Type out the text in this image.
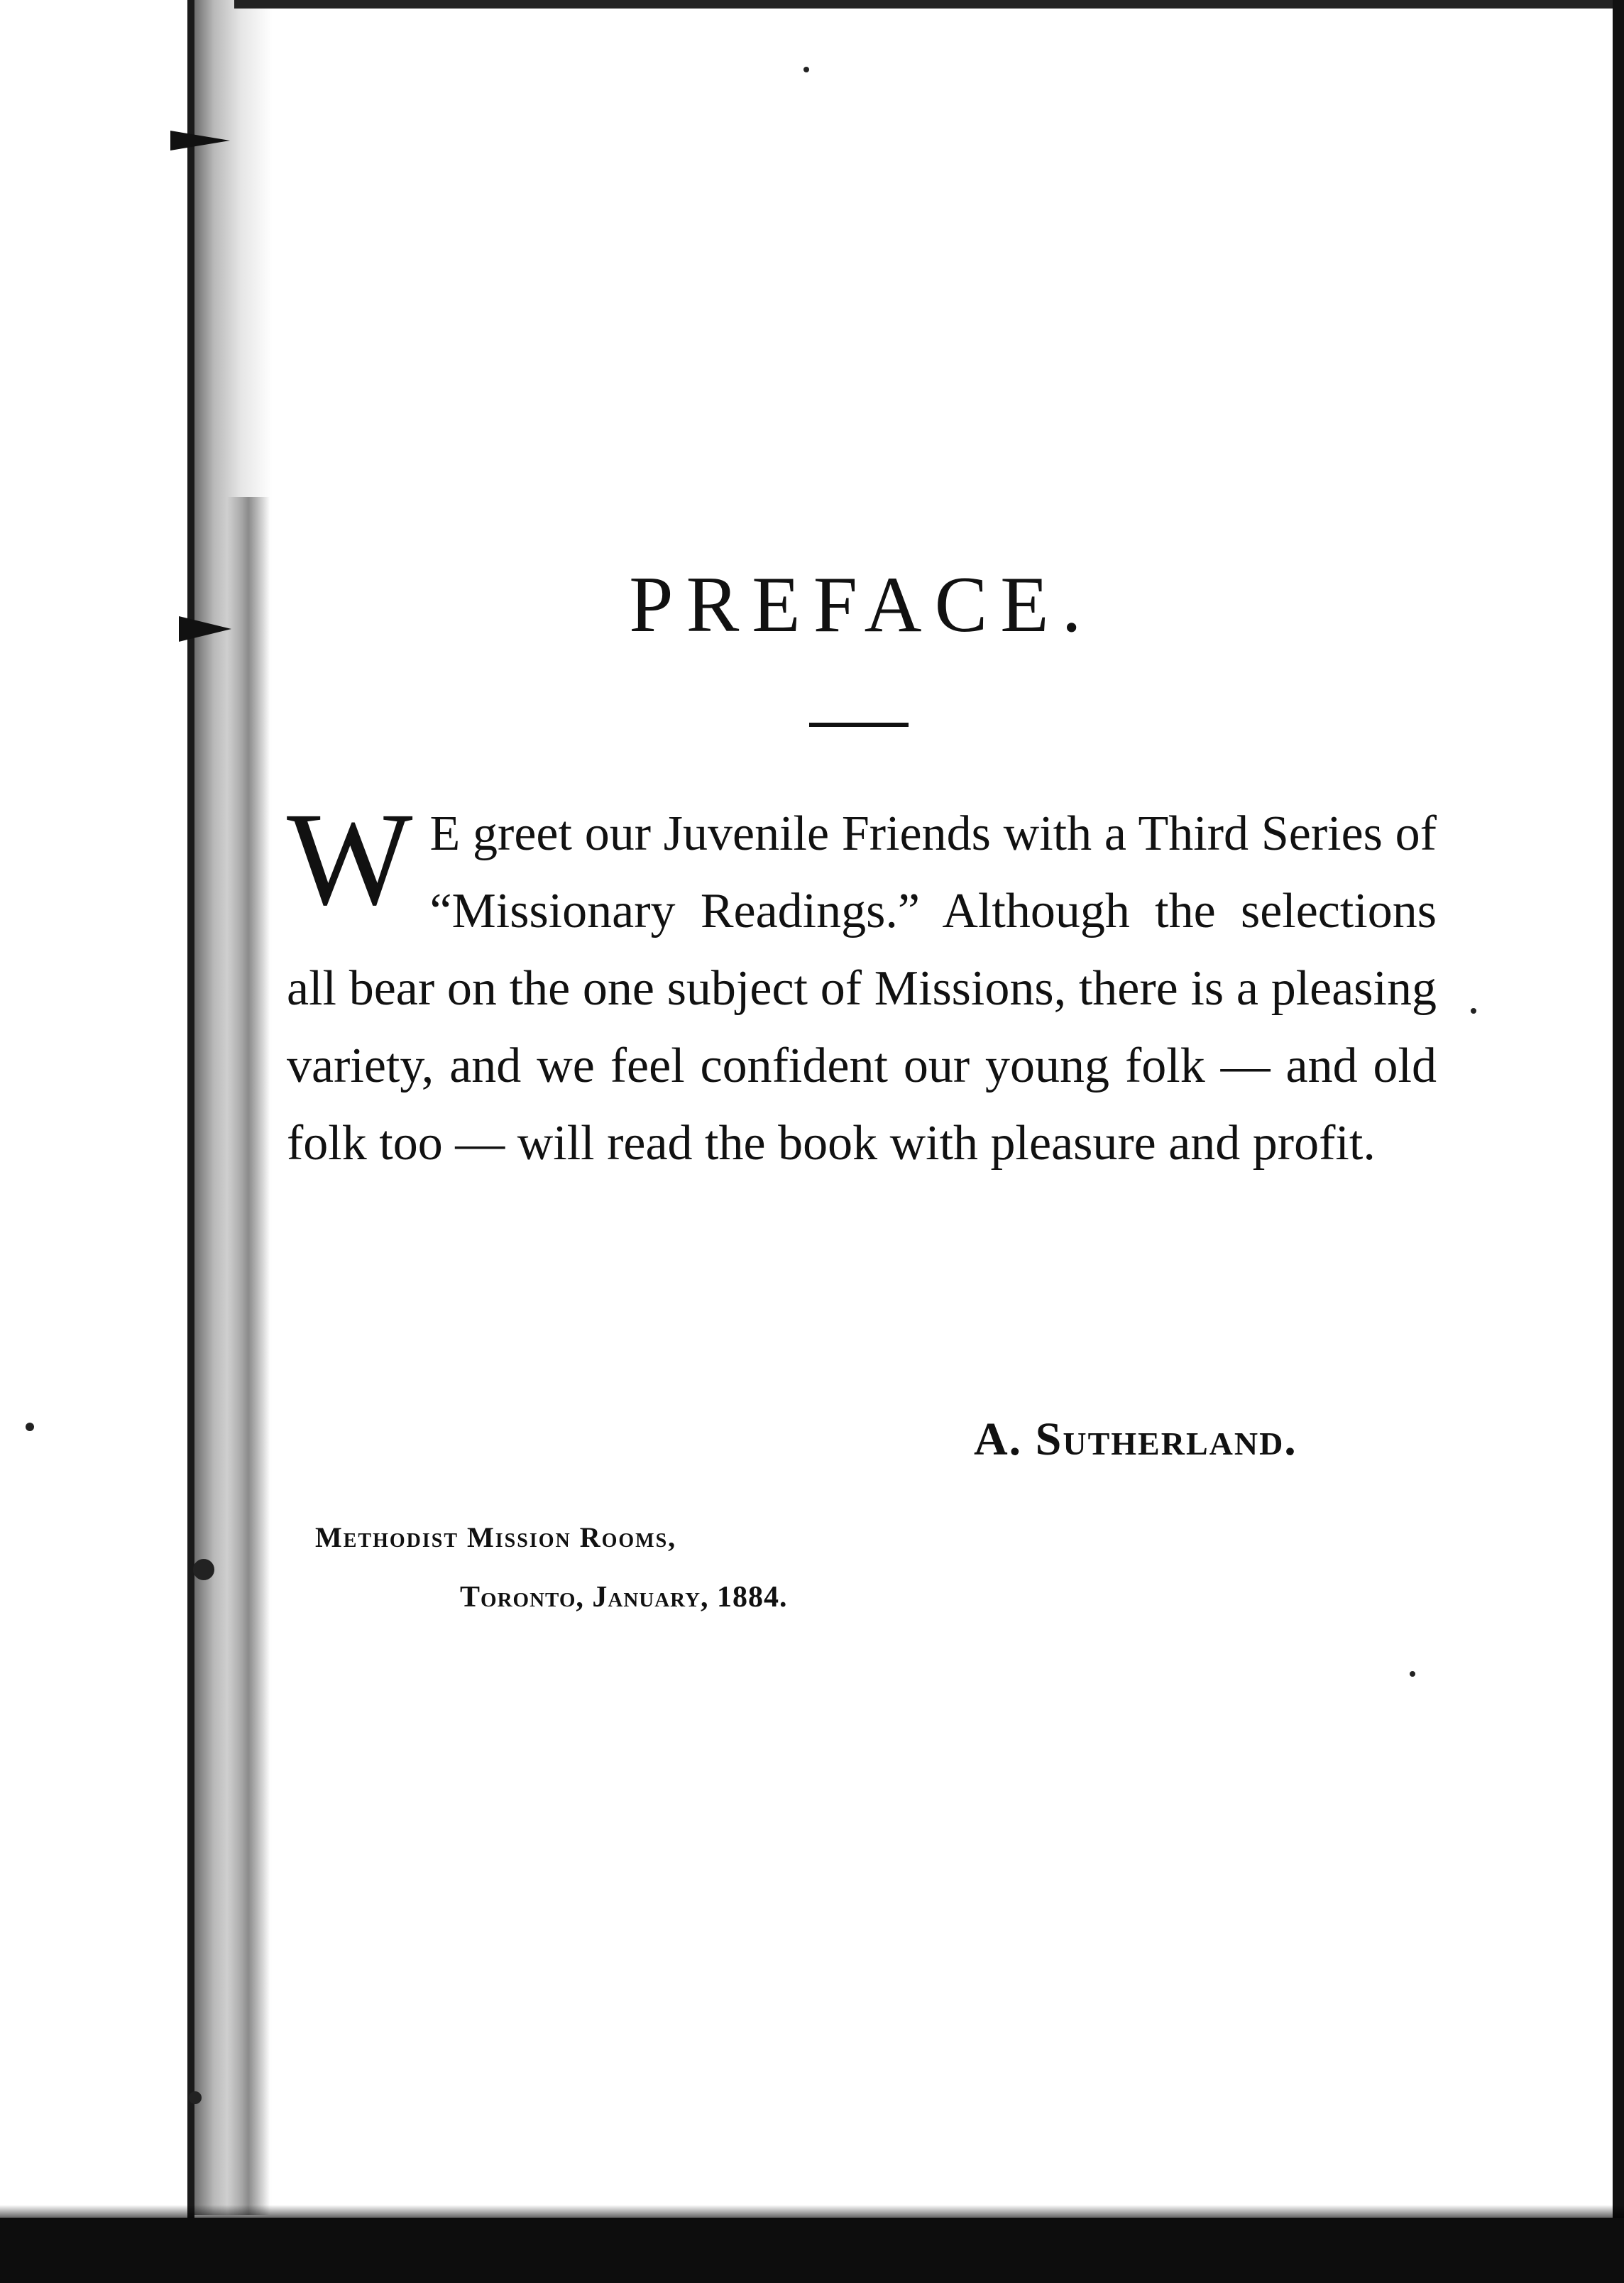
PREFACE.

W E greet our Juvenile Friends with a Third Series of “Missionary Readings.” Although the selections all bear on the one subject of Missions, there is a pleasing variety, and we feel confident our young folk — and old folk too — will read the book with pleasure and profit.

A. Sutherland.
Methodist Mission Rooms,
Toronto, January, 1884.
